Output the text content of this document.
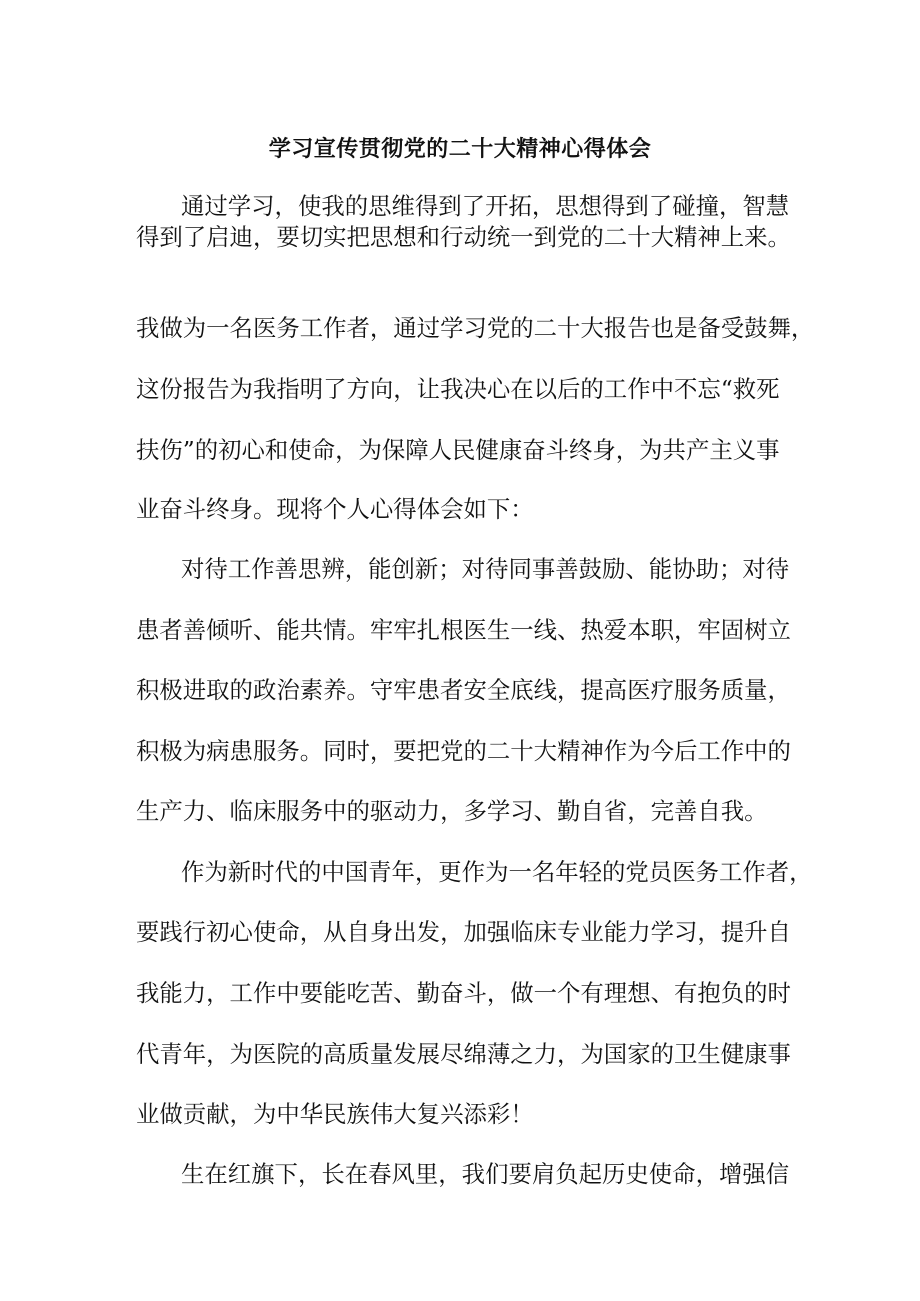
学习宣传贯彻党的二十大精神心得体会
通过学习，使我的思维得到了开拓，思想得到了碰撞，智慧
得到了启迪，要切实把思想和行动统一到党的二十大精神上来。
我做为一名医务工作者，通过学习党的二十大报告也是备受鼓舞，
这份报告为我指明了方向，让我决心在以后的工作中不忘“救死
扶伤”的初心和使命，为保障人民健康奋斗终身，为共产主义事
业奋斗终身。现将个人心得体会如下：
对待工作善思辨，能创新；对待同事善鼓励、能协助；对待
患者善倾听、能共情。牢牢扎根医生一线、热爱本职，牢固树立
积极进取的政治素养。守牢患者安全底线，提高医疗服务质量，
积极为病患服务。同时，要把党的二十大精神作为今后工作中的
生产力、临床服务中的驱动力，多学习、勤自省，完善自我。
作为新时代的中国青年，更作为一名年轻的党员医务工作者，
要践行初心使命，从自身出发，加强临床专业能力学习，提升自
我能力，工作中要能吃苦、勤奋斗，做一个有理想、有抱负的时
代青年，为医院的高质量发展尽绵薄之力，为国家的卫生健康事
业做贡献，为中华民族伟大复兴添彩！
生在红旗下，长在春风里，我们要肩负起历史使命，增强信
